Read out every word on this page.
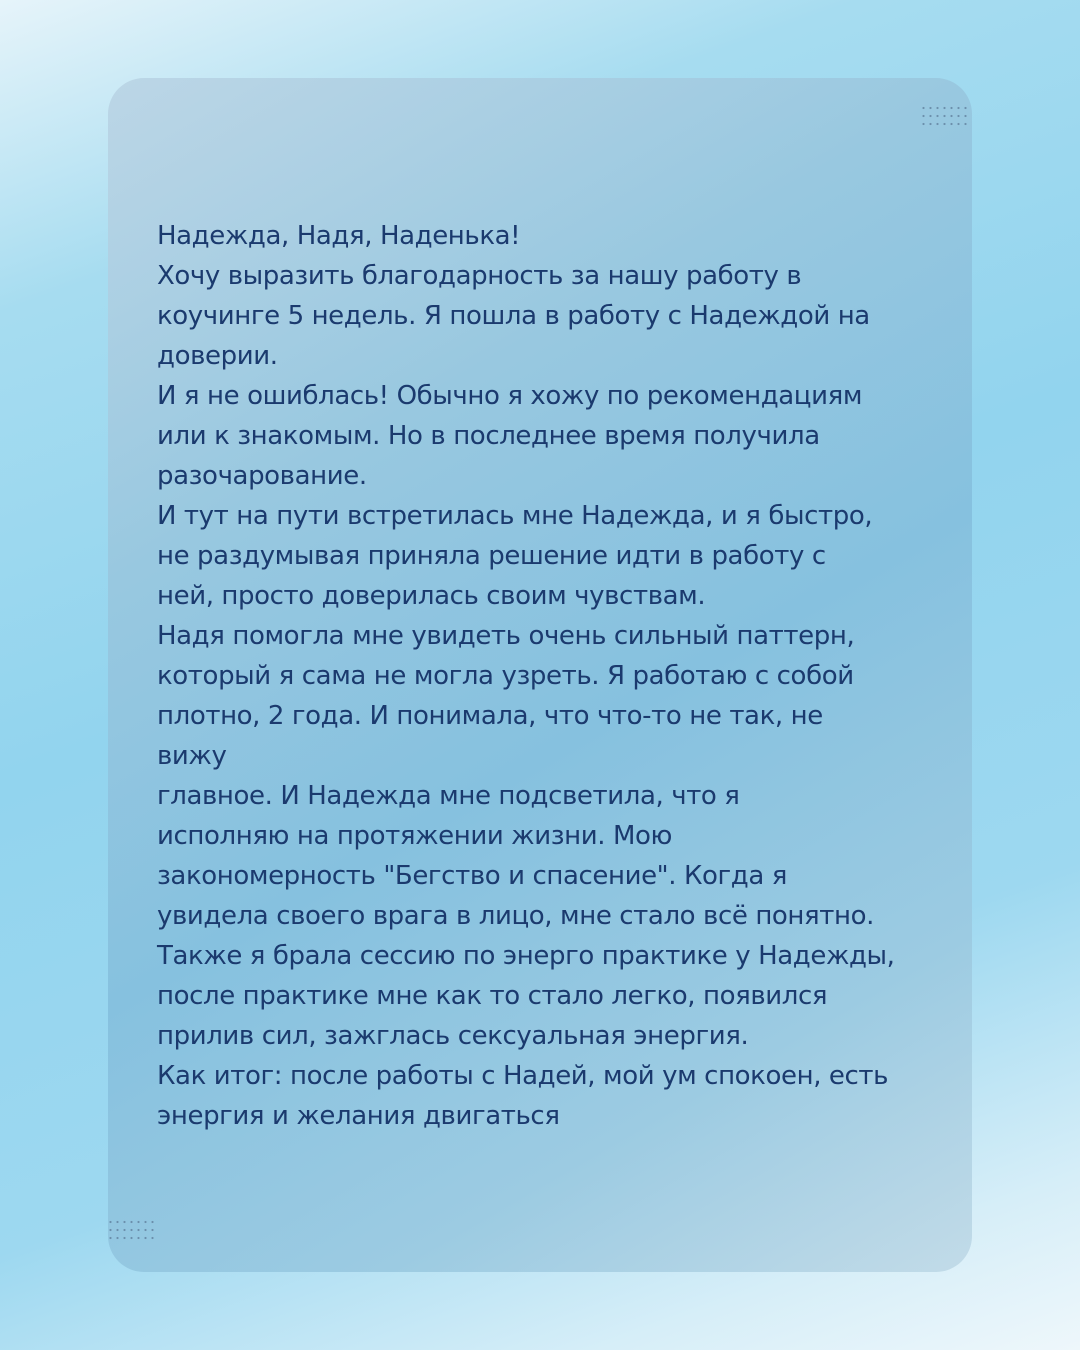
Надежда, Надя, Наденька!
Хочу выразить благодарность за нашу работу в
коучинге 5 недель. Я пошла в работу с Надеждой на
доверии.
И я не ошиблась! Обычно я хожу по рекомендациям
или к знакомым. Но в последнее время получила
разочарование.
И тут на пути встретилась мне Надежда, и я быстро,
не раздумывая приняла решение идти в работу с
ней, просто доверилась своим чувствам.
Надя помогла мне увидеть очень сильный паттерн,
который я сама не могла узреть. Я работаю с собой
плотно, 2 года. И понимала, что что-то не так, не
вижу
главное. И Надежда мне подсветила, что я
исполняю на протяжении жизни. Мою
закономерность "Бегство и спасение". Когда я
увидела своего врага в лицо, мне стало всё понятно.
Также я брала сессию по энерго практике у Надежды,
после практике мне как то стало легко, появился
прилив сил, зажглась сексуальная энергия.
Как итог: после работы с Надей, мой ум спокоен, есть
энергия и желания двигаться
